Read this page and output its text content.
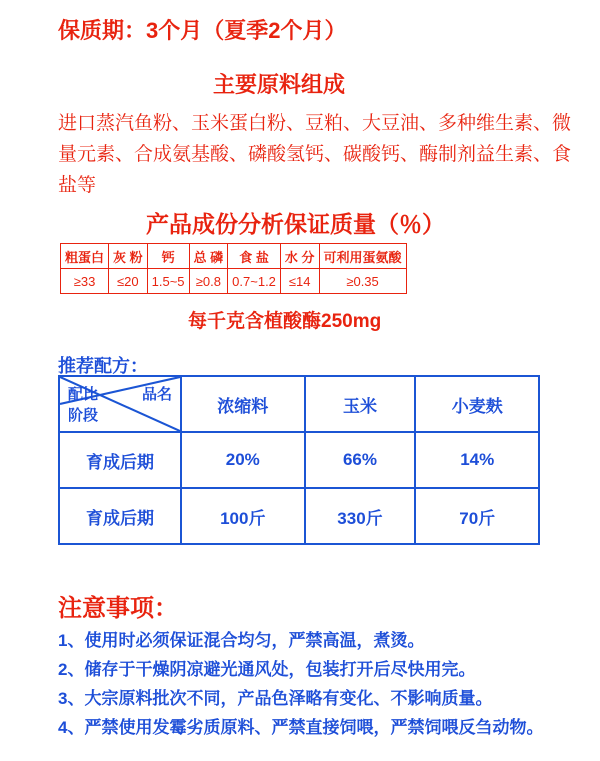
保质期：3个月（夏季2个月）
主要原料组成
进口蒸汽鱼粉、玉米蛋白粉、豆粕、大豆油、多种维生素、微量元素、合成氨基酸、磷酸氢钙、碳酸钙、酶制剂益生素、食盐等
产品成份分析保证质量（％）
粗蛋白	灰 粉	钙	总 磷	食 盐	水 分	可利用蛋氨酸
≥33	≤20	1.5~5	≥0.8	0.7~1.2	≤14	≥0.35
每千克含植酸酶250mg
推荐配方：
配比 品名
阶段	浓缩料	玉米	小麦麸
育成后期	20%	66%	14%
育成后期	100斤	330斤	70斤
注意事项：
1、使用时必须保证混合均匀，严禁高温，煮烫。
2、储存于干燥阴凉避光通风处，包装打开后尽快用完。
3、大宗原料批次不同，产品色泽略有变化、不影响质量。
4、严禁使用发霉劣质原料、严禁直接饲喂，严禁饲喂反刍动物。
